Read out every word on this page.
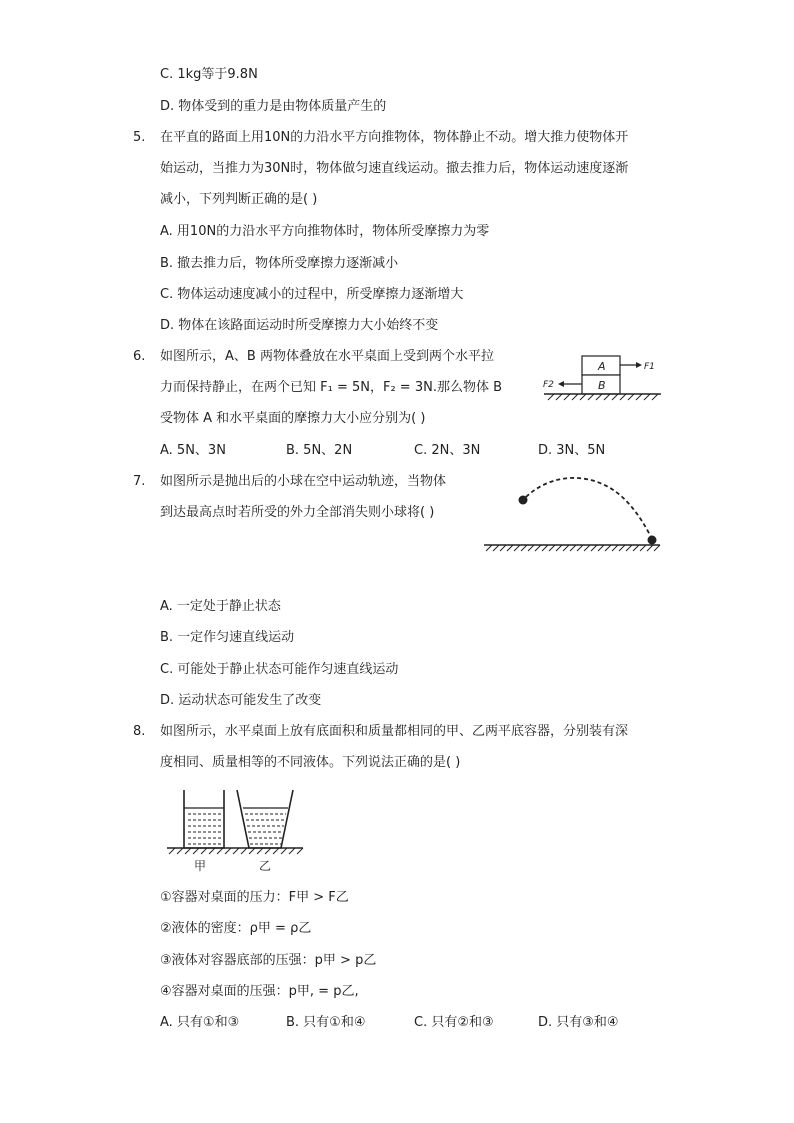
C. 1kg等于9.8N
D. 物体受到的重力是由物体质量产生的
5. 在平直的路面上用10N的力沿水平方向推物体，物体静止不动。增大推力使物体开
始运动，当推力为30N时，物体做匀速直线运动。撤去推力后，物体运动速度逐渐
减小，下列判断正确的是( )
A. 用10N的力沿水平方向推物体时，物体所受摩擦力为零
B. 撤去推力后，物体所受摩擦力逐渐减小
C. 物体运动速度减小的过程中，所受摩擦力逐渐增大
D. 物体在该路面运动时所受摩擦力大小始终不变
6. 如图所示，A、B 两物体叠放在水平桌面上受到两个水平拉
力而保持静止，在两个已知 F₁ = 5N，F₂ = 3N.那么物体 B
受物体 A 和水平桌面的摩擦力大小应分别为( )
A. 5N、3N	B. 5N、2N	C. 2N、3N	D. 3N、5N
A
B
F1
F2
7. 如图所示是抛出后的小球在空中运动轨迹，当物体
到达最高点时若所受的外力全部消失则小球将( )
A. 一定处于静止状态
B. 一定作匀速直线运动
C. 可能处于静止状态可能作匀速直线运动
D. 运动状态可能发生了改变
8. 如图所示，水平桌面上放有底面积和质量都相同的甲、乙两平底容器，分别装有深
度相同、质量相等的不同液体。下列说法正确的是( )
甲	乙
①容器对桌面的压力：F甲 > F乙
②液体的密度：ρ甲 = ρ乙
③液体对容器底部的压强：p甲 > p乙
④容器对桌面的压强：p甲, = p乙,
A. 只有①和③	B. 只有①和④	C. 只有②和③	D. 只有③和④
